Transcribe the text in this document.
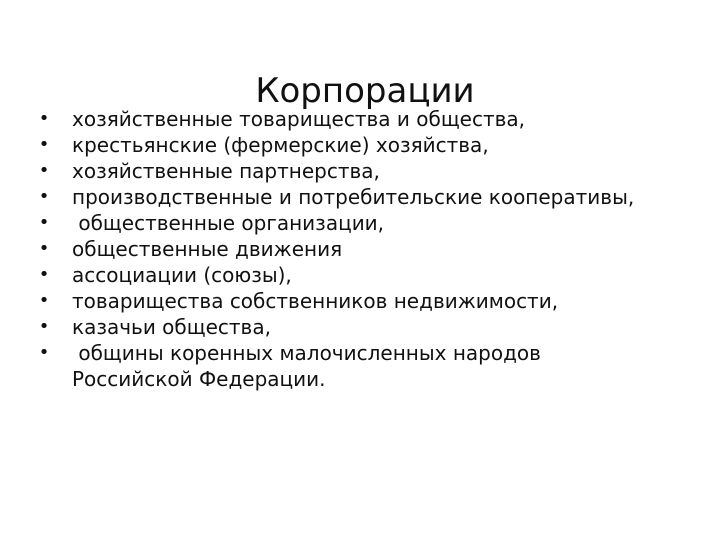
Корпорации
• хозяйственные товарищества и общества,
• крестьянские (фермерские) хозяйства,
• хозяйственные партнерства,
• производственные и потребительские кооперативы,
• общественные организации,
• общественные движения
• ассоциации (союзы),
• товарищества собственников недвижимости,
• казачьи общества,
• общины коренных малочисленных народов
Российской Федерации.
